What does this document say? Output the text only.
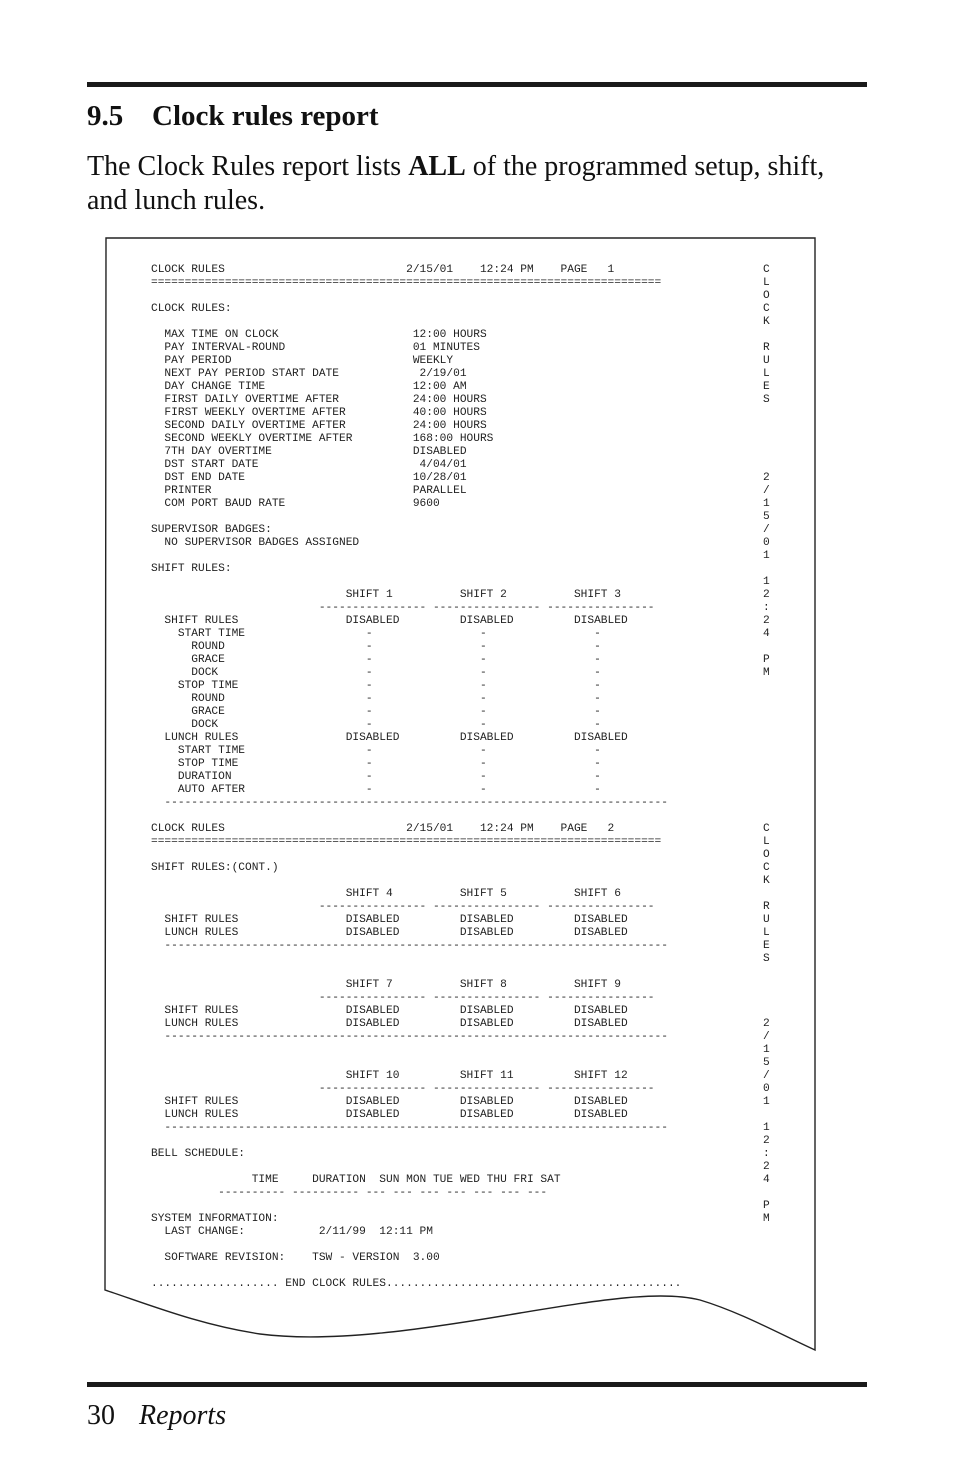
9.5 Clock rules report
The Clock Rules report lists ALL of the programmed setup, shift, and lunch rules.
CLOCK RULES                           2/15/01    12:24 PM    PAGE   1
============================================================================

CLOCK RULES:

MAX TIME ON CLOCK                    12:00 HOURS
PAY INTERVAL-ROUND                   01 MINUTES
PAY PERIOD                           WEEKLY
NEXT PAY PERIOD START DATE            2/19/01
DAY CHANGE TIME                      12:00 AM
FIRST DAILY OVERTIME AFTER           24:00 HOURS
FIRST WEEKLY OVERTIME AFTER          40:00 HOURS
SECOND DAILY OVERTIME AFTER          24:00 HOURS
SECOND WEEKLY OVERTIME AFTER         168:00 HOURS
7TH DAY OVERTIME                     DISABLED
DST START DATE                        4/04/01
DST END DATE                         10/28/01
PRINTER                              PARALLEL
COM PORT BAUD RATE                   9600

SUPERVISOR BADGES:
NO SUPERVISOR BADGES ASSIGNED

SHIFT RULES:

SHIFT 1          SHIFT 2          SHIFT 3
---------------- ---------------- ----------------
SHIFT RULES                DISABLED         DISABLED         DISABLED
START TIME                  -                -                -
ROUND                     -                -                -
GRACE                     -                -                -
DOCK                      -                -                -
STOP TIME                   -                -                -
ROUND                     -                -                -
GRACE                     -                -                -
DOCK                      -                -                -
LUNCH RULES                DISABLED         DISABLED         DISABLED
START TIME                  -                -                -
STOP TIME                   -                -                -
DURATION                    -                -                -
AUTO AFTER                  -                -                -
---------------------------------------------------------------------------

CLOCK RULES                           2/15/01    12:24 PM    PAGE   2
============================================================================

SHIFT RULES:(CONT.)

SHIFT 4          SHIFT 5          SHIFT 6
---------------- ---------------- ----------------
SHIFT RULES                DISABLED         DISABLED         DISABLED
LUNCH RULES                DISABLED         DISABLED         DISABLED
---------------------------------------------------------------------------

SHIFT 7          SHIFT 8          SHIFT 9
---------------- ---------------- ----------------
SHIFT RULES                DISABLED         DISABLED         DISABLED
LUNCH RULES                DISABLED         DISABLED         DISABLED
---------------------------------------------------------------------------

SHIFT 10         SHIFT 11         SHIFT 12
---------------- ---------------- ----------------
SHIFT RULES                DISABLED         DISABLED         DISABLED
LUNCH RULES                DISABLED         DISABLED         DISABLED
---------------------------------------------------------------------------

BELL SCHEDULE:

TIME     DURATION  SUN MON TUE WED THU FRI SAT
---------- ---------- --- --- --- --- --- --- ---

SYSTEM INFORMATION:
LAST CHANGE:           2/11/99  12:11 PM

SOFTWARE REVISION:    TSW - VERSION  3.00

................... END CLOCK RULES............................................
C
L
O
C
K

R
U
L
E
S

2
/
1
5
/
0
1

1
2
:
2
4

P
M
C
L
O
C
K

R
U
L
E
S

2
/
1
5
/
0
1

1
2
:
2
4

P
M
30 Reports
